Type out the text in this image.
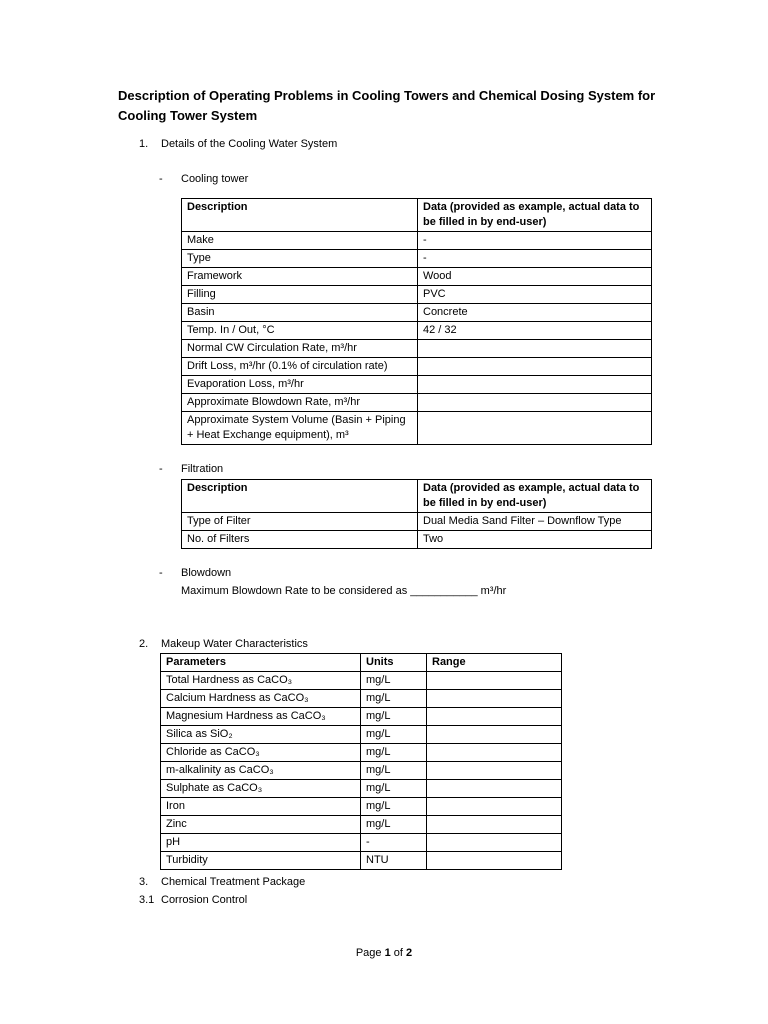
Description of Operating Problems in Cooling Towers and Chemical Dosing System for Cooling Tower System
1. Details of the Cooling Water System
- Cooling tower
Description	Data (provided as example, actual data to be filled in by end-user)
Make	-
Type	-
Framework	Wood
Filling	PVC
Basin	Concrete
Temp. In / Out, °C	42 / 32
Normal CW Circulation Rate, m³/hr	
Drift Loss, m³/hr (0.1% of circulation rate)	
Evaporation Loss, m³/hr	
Approximate Blowdown Rate, m³/hr	
Approximate System Volume (Basin + Piping + Heat Exchange equipment), m³	
- Filtration
Description	Data (provided as example, actual data to be filled in by end-user)
Type of Filter	Dual Media Sand Filter – Downflow Type
No. of Filters	Two
- Blowdown
Maximum Blowdown Rate to be considered as ___________ m³/hr
2. Makeup Water Characteristics
Parameters	Units	Range
Total Hardness as CaCO₃	mg/L	
Calcium Hardness as CaCO₃	mg/L	
Magnesium Hardness as CaCO₃	mg/L	
Silica as SiO₂	mg/L	
Chloride as CaCO₃	mg/L	
m-alkalinity as CaCO₃	mg/L	
Sulphate as CaCO₃	mg/L	
Iron	mg/L	
Zinc	mg/L	
pH	-	
Turbidity	NTU	
3. Chemical Treatment Package
3.1 Corrosion Control
Page 1 of 2
